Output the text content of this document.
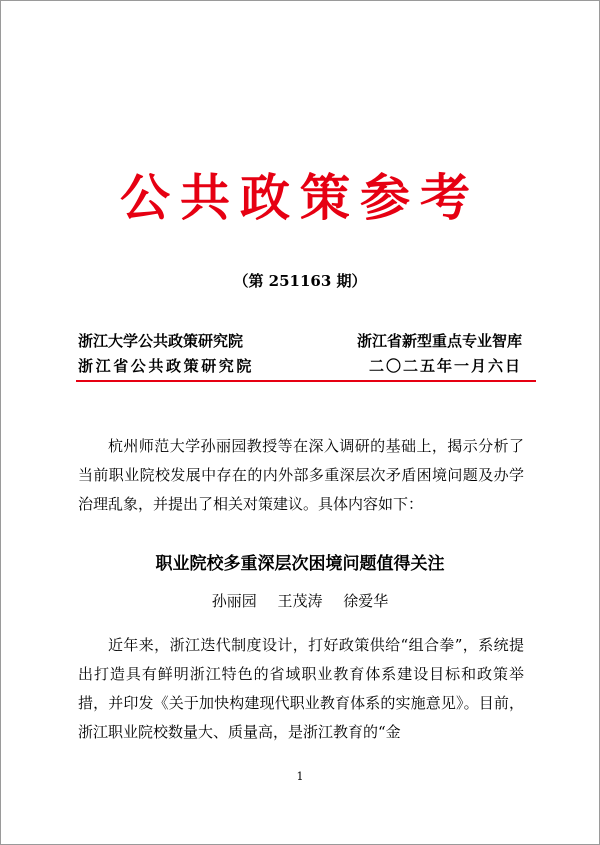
公共政策参考
（第 251163 期）
浙江大学公共政策研究院	浙江省新型重点专业智库
浙江省公共政策研究院	二〇二五年一月六日

杭州师范大学孙丽园教授等在深入调研的基础上，揭示分析了当前职业院校发展中存在的内外部多重深层次矛盾困境问题及办学治理乱象，并提出了相关对策建议。具体内容如下：

职业院校多重深层次困境问题值得关注
孙丽园 王茂涛 徐爱华

近年来，浙江迭代制度设计，打好政策供给“组合拳”，系统提出打造具有鲜明浙江特色的省域职业教育体系建设目标和政策举措，并印发《关于加快构建现代职业教育体系的实施意见》。目前，浙江职业院校数量大、质量高，是浙江教育的“金

1
